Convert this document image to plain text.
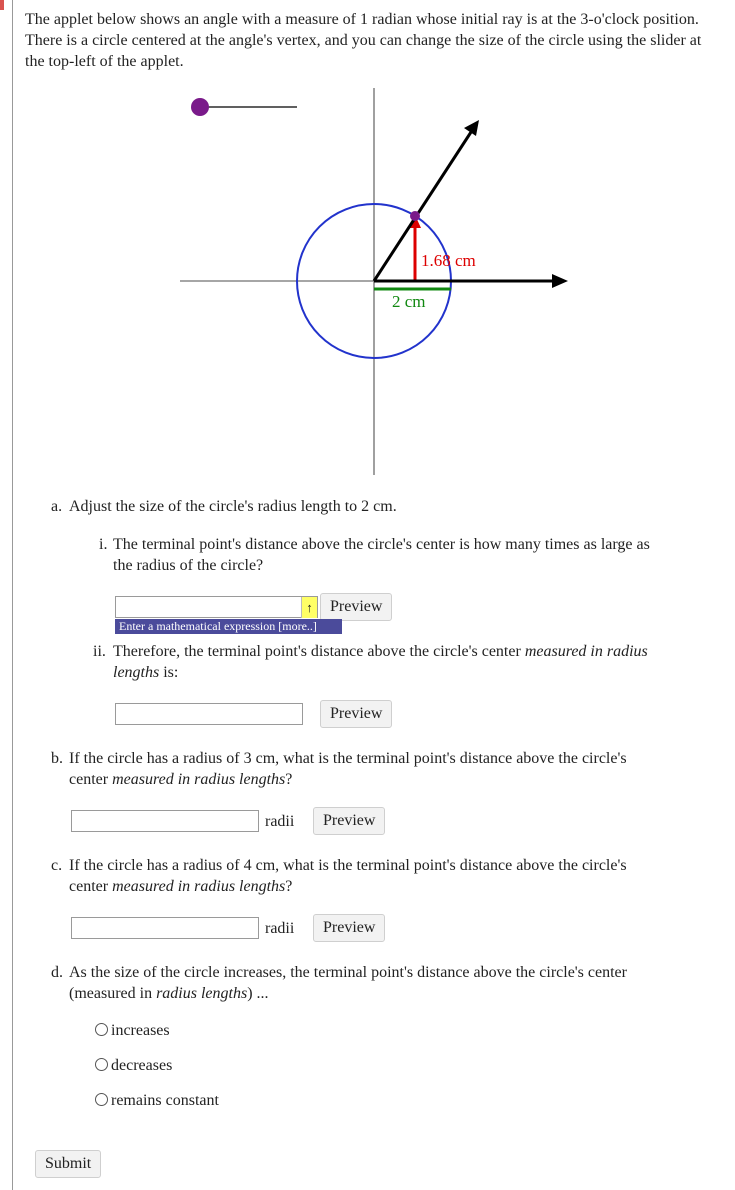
The applet below shows an angle with a measure of 1 radian whose initial ray is at the 3-o'clock position. There is a circle centered at the angle's vertex, and you can change the size of the circle using the slider at the top-left of the applet.
1.68 cm
2 cm
a. Adjust the size of the circle's radius length to 2 cm.
i. The terminal point's distance above the circle's center is how many times as large as
the radius of the circle?
↑	Preview
Enter a mathematical expression [more..]
ii. Therefore, the terminal point's distance above the circle's center measured in radius
lengths is:
Preview
b. If the circle has a radius of 3 cm, what is the terminal point's distance above the circle's
center measured in radius lengths?
radii	Preview
c. If the circle has a radius of 4 cm, what is the terminal point's distance above the circle's
center measured in radius lengths?
radii	Preview
d. As the size of the circle increases, the terminal point's distance above the circle's center
(measured in radius lengths) ...
increases
decreases
remains constant
Submit
